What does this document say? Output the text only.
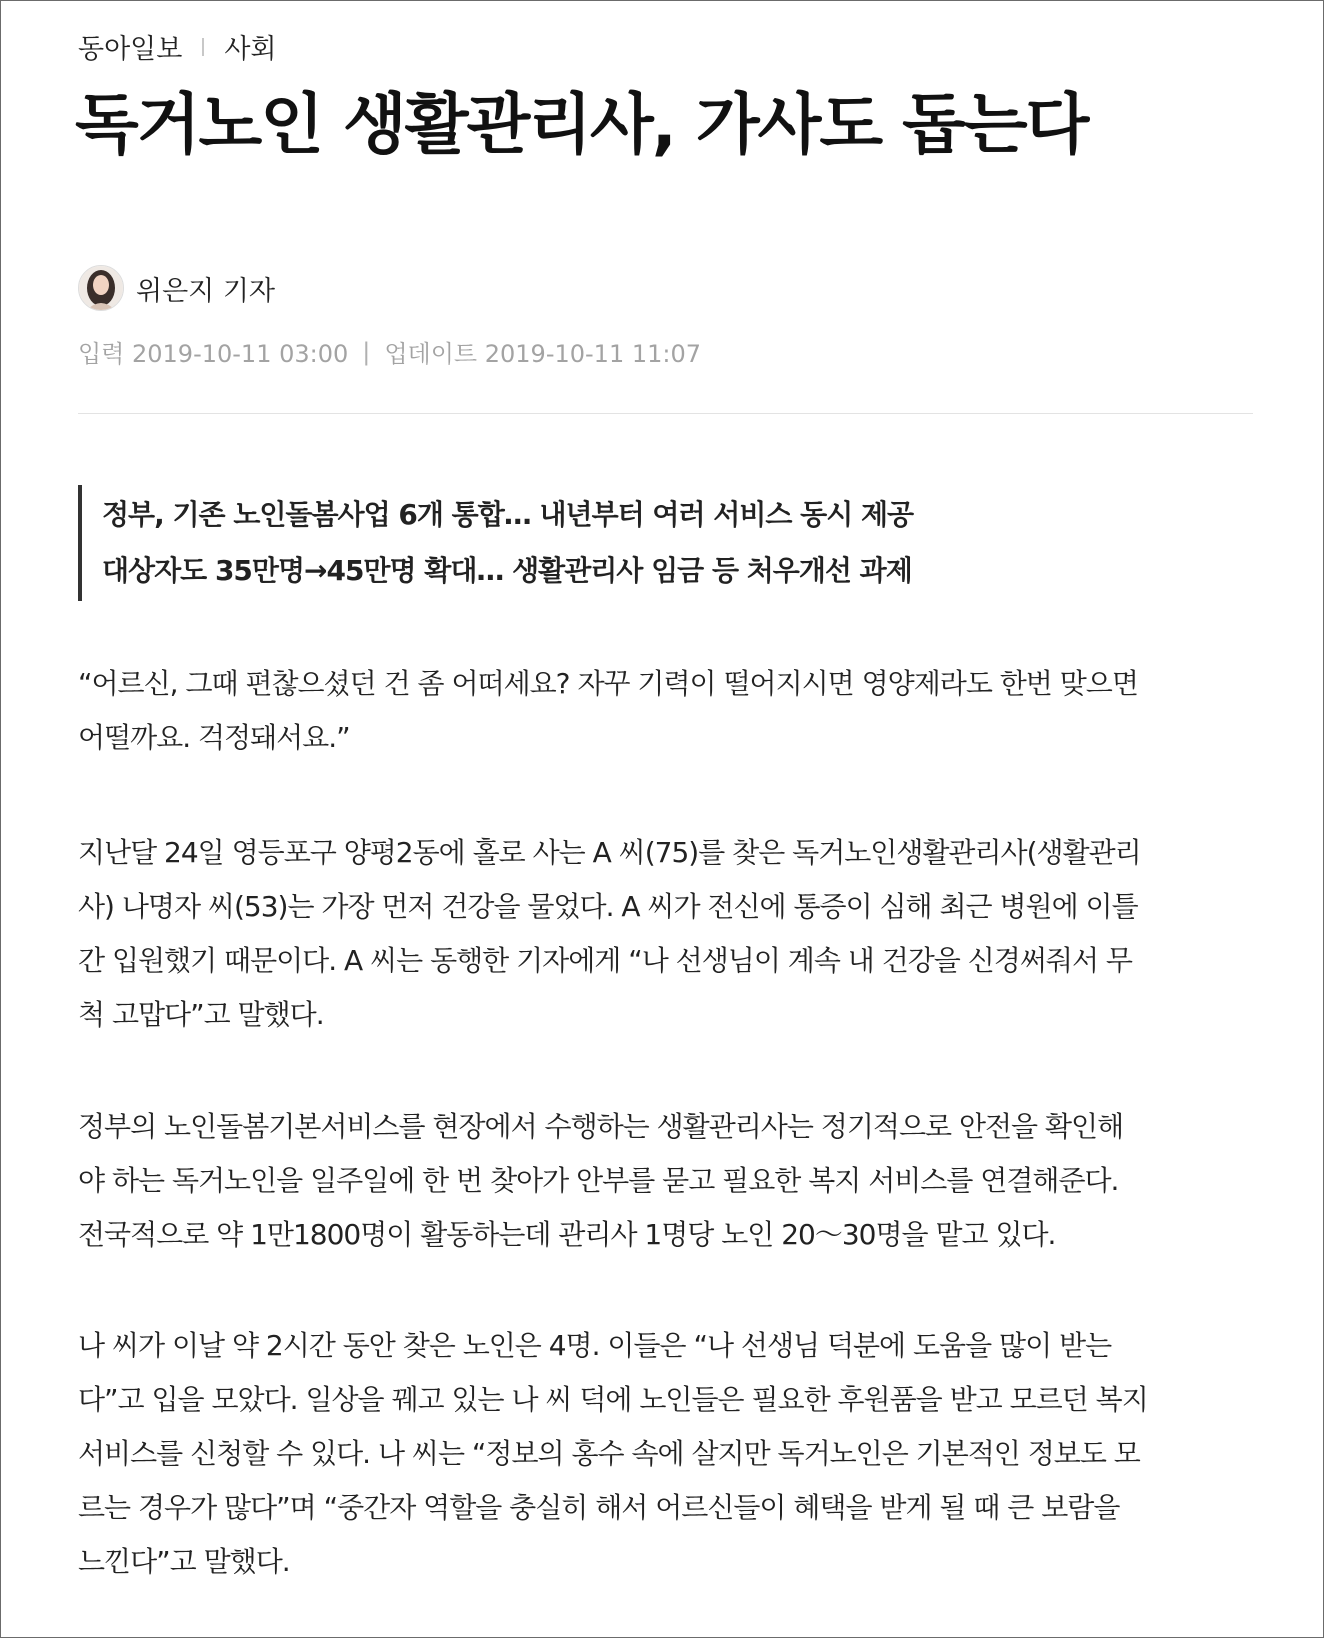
동아일보 사회
독거노인 생활관리사, 가사도 돕는다
위은지 기자
입력 2019-10-11 03:00 | 업데이트 2019-10-11 11:07

정부, 기존 노인돌봄사업 6개 통합… 내년부터 여러 서비스 동시 제공

대상자도 35만명→45만명 확대… 생활관리사 임금 등 처우개선 과제

“어르신, 그때 편찮으셨던 건 좀 어떠세요? 자꾸 기력이 떨어지시면 영양제라도 한번 맞으면
어떨까요. 걱정돼서요.”

지난달 24일 영등포구 양평2동에 홀로 사는 A 씨(75)를 찾은 독거노인생활관리사(생활관리
사) 나명자 씨(53)는 가장 먼저 건강을 물었다. A 씨가 전신에 통증이 심해 최근 병원에 이틀
간 입원했기 때문이다. A 씨는 동행한 기자에게 “나 선생님이 계속 내 건강을 신경써줘서 무
척 고맙다”고 말했다.

정부의 노인돌봄기본서비스를 현장에서 수행하는 생활관리사는 정기적으로 안전을 확인해
야 하는 독거노인을 일주일에 한 번 찾아가 안부를 묻고 필요한 복지 서비스를 연결해준다.
전국적으로 약 1만1800명이 활동하는데 관리사 1명당 노인 20～30명을 맡고 있다.

나 씨가 이날 약 2시간 동안 찾은 노인은 4명. 이들은 “나 선생님 덕분에 도움을 많이 받는
다”고 입을 모았다. 일상을 꿰고 있는 나 씨 덕에 노인들은 필요한 후원품을 받고 모르던 복지
서비스를 신청할 수 있다. 나 씨는 “정보의 홍수 속에 살지만 독거노인은 기본적인 정보도 모
르는 경우가 많다”며 “중간자 역할을 충실히 해서 어르신들이 혜택을 받게 될 때 큰 보람을
느낀다”고 말했다.
